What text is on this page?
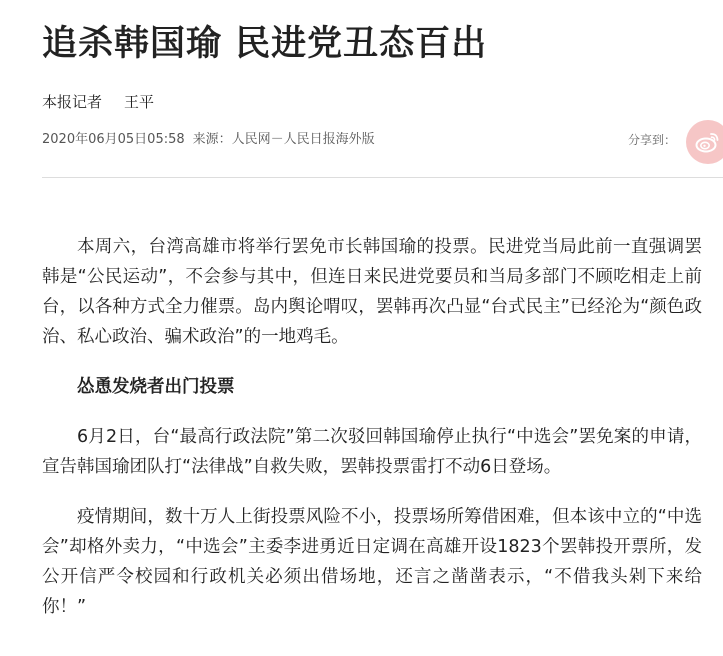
追杀韩国瑜 民进党丑态百出
本报记者 王平
2020年06月05日05:58 来源：人民网－人民日报海外版	分享到：

本周六，台湾高雄市将举行罢免市长韩国瑜的投票。民进党当局此前一直强调罢韩是“公民运动”，不会参与其中，但连日来民进党要员和当局多部门不顾吃相走上前台，以各种方式全力催票。岛内舆论喟叹，罢韩再次凸显“台式民主”已经沦为“颜色政治、私心政治、骗术政治”的一地鸡毛。

怂恿发烧者出门投票

6月2日，台“最高行政法院”第二次驳回韩国瑜停止执行“中选会”罢免案的申请，宣告韩国瑜团队打“法律战”自救失败，罢韩投票雷打不动6日登场。

疫情期间，数十万人上街投票风险不小，投票场所筹借困难，但本该中立的“中选会”却格外卖力，“中选会”主委李进勇近日定调在高雄开设1823个罢韩投开票所，发公开信严令校园和行政机关必须出借场地，还言之凿凿表示，“不借我头剁下来给你！”
